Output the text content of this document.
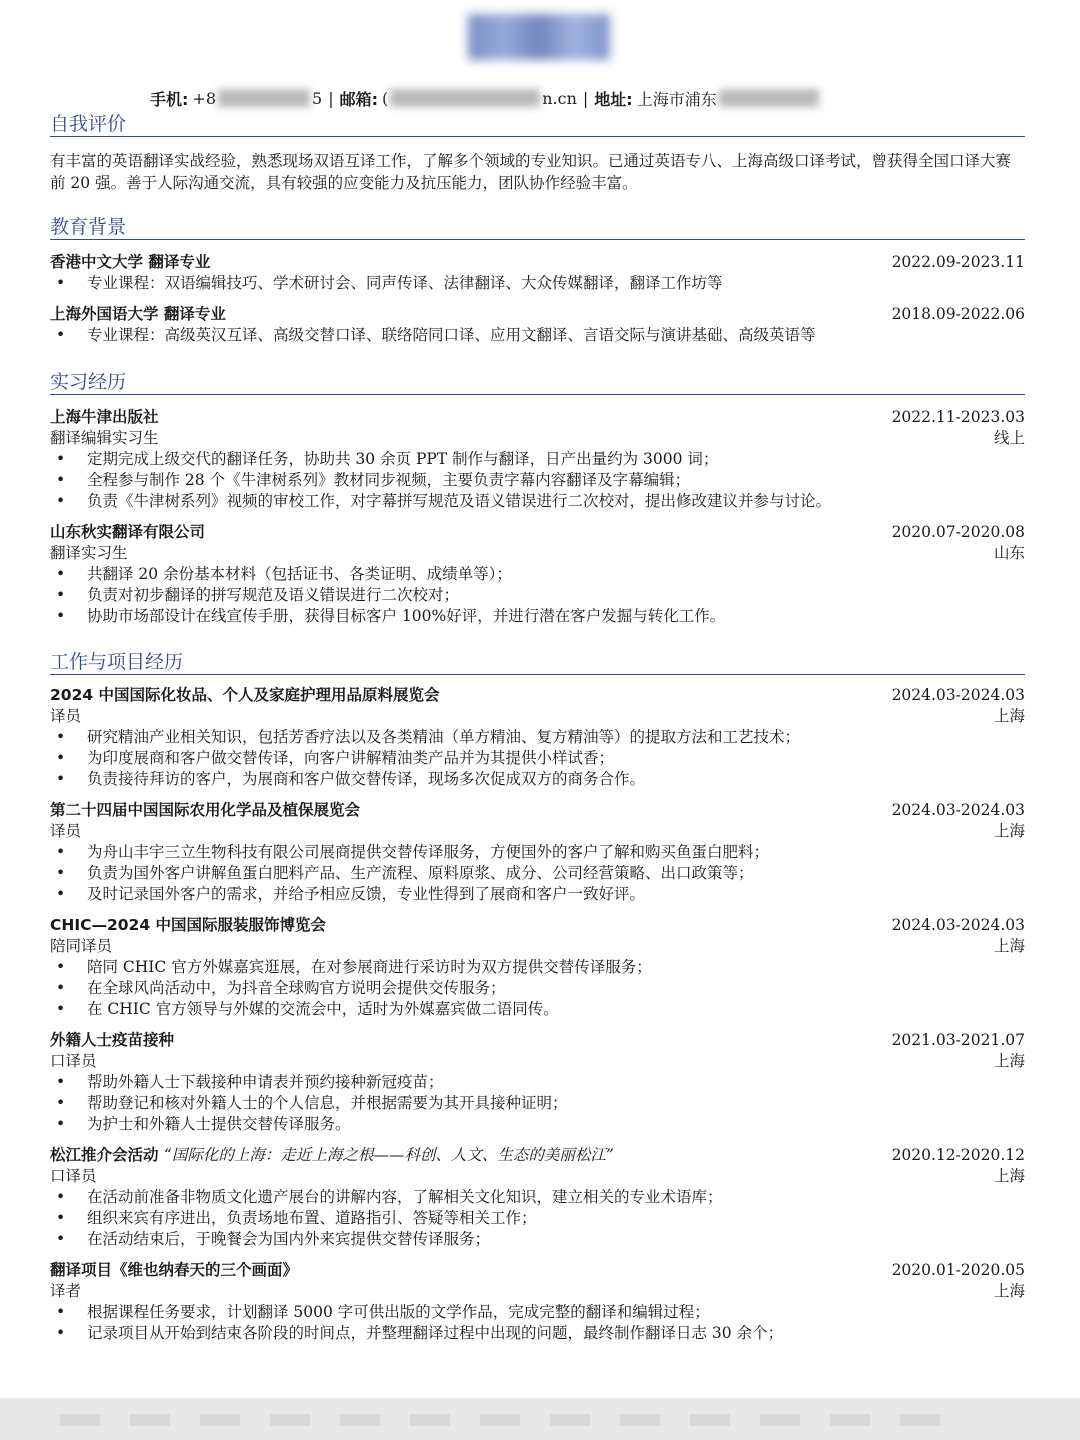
手机: +8	5 | 邮箱: (	n.cn | 地址: 上海市浦东
自我评价
有丰富的英语翻译实战经验，熟悉现场双语互译工作，了解多个领域的专业知识。已通过英语专八、上海高级口译考试，曾获得全国口译大赛前 20 强。善于人际沟通交流，具有较强的应变能力及抗压能力，团队协作经验丰富。
教育背景
香港中文大学 翻译专业	2022.09-2023.11
• 专业课程：双语编辑技巧、学术研讨会、同声传译、法律翻译、大众传媒翻译，翻译工作坊等
上海外国语大学 翻译专业	2018.09-2022.06
• 专业课程：高级英汉互译、高级交替口译、联络陪同口译、应用文翻译、言语交际与演讲基础、高级英语等
实习经历
上海牛津出版社	2022.11-2023.03
翻译编辑实习生	线上
• 定期完成上级交代的翻译任务，协助共 30 余页 PPT 制作与翻译，日产出量约为 3000 词；
• 全程参与制作 28 个《牛津树系列》教材同步视频，主要负责字幕内容翻译及字幕编辑；
• 负责《牛津树系列》视频的审校工作，对字幕拼写规范及语义错误进行二次校对，提出修改建议并参与讨论。
山东秋实翻译有限公司	2020.07-2020.08
翻译实习生	山东
• 共翻译 20 余份基本材料（包括证书、各类证明、成绩单等）；
• 负责对初步翻译的拼写规范及语义错误进行二次校对；
• 协助市场部设计在线宣传手册，获得目标客户 100%好评，并进行潜在客户发掘与转化工作。
工作与项目经历
2024 中国国际化妆品、个人及家庭护理用品原料展览会	2024.03-2024.03
译员	上海
• 研究精油产业相关知识，包括芳香疗法以及各类精油（单方精油、复方精油等）的提取方法和工艺技术；
• 为印度展商和客户做交替传译，向客户讲解精油类产品并为其提供小样试香；
• 负责接待拜访的客户，为展商和客户做交替传译，现场多次促成双方的商务合作。
第二十四届中国国际农用化学品及植保展览会	2024.03-2024.03
译员	上海
• 为舟山丰宇三立生物科技有限公司展商提供交替传译服务，方便国外的客户了解和购买鱼蛋白肥料；
• 负责为国外客户讲解鱼蛋白肥料产品、生产流程、原料原浆、成分、公司经营策略、出口政策等；
• 及时记录国外客户的需求，并给予相应反馈，专业性得到了展商和客户一致好评。
CHIC—2024 中国国际服装服饰博览会	2024.03-2024.03
陪同译员	上海
• 陪同 CHIC 官方外媒嘉宾逛展，在对参展商进行采访时为双方提供交替传译服务；
• 在全球风尚活动中，为抖音全球购官方说明会提供交传服务；
• 在 CHIC 官方领导与外媒的交流会中，适时为外媒嘉宾做二语同传。
外籍人士疫苗接种	2021.03-2021.07
口译员	上海
• 帮助外籍人士下载接种申请表并预约接种新冠疫苗；
• 帮助登记和核对外籍人士的个人信息，并根据需要为其开具接种证明；
• 为护士和外籍人士提供交替传译服务。
松江推介会活动 “国际化的上海：走近上海之根——科创、人文、生态的美丽松江”	2020.12-2020.12
口译员	上海
• 在活动前准备非物质文化遗产展台的讲解内容，了解相关文化知识，建立相关的专业术语库；
• 组织来宾有序进出，负责场地布置、道路指引、答疑等相关工作；
• 在活动结束后，于晚餐会为国内外来宾提供交替传译服务；
翻译项目《维也纳春天的三个画面》	2020.01-2020.05
译者	上海
• 根据课程任务要求，计划翻译 5000 字可供出版的文学作品，完成完整的翻译和编辑过程；
• 记录项目从开始到结束各阶段的时间点，并整理翻译过程中出现的问题，最终制作翻译日志 30 余个；
